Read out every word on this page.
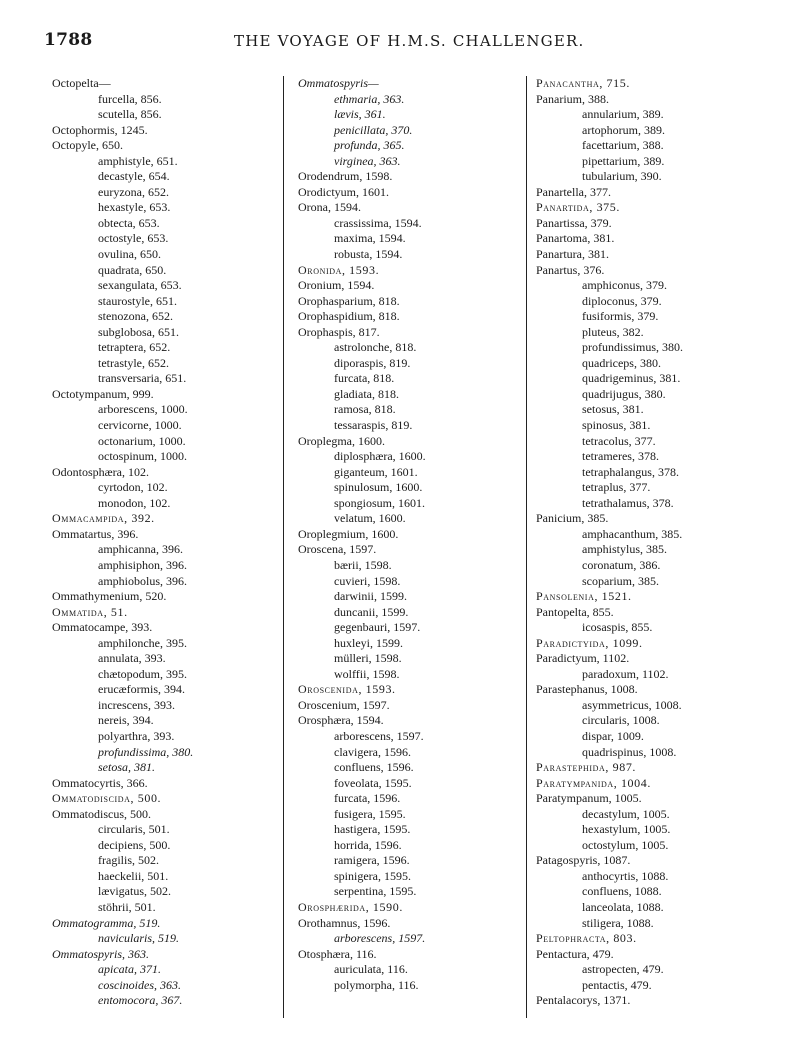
1788	THE VOYAGE OF H.M.S. CHALLENGER.
Octopelta—
furcella, 856.
scutella, 856.
Octophormis, 1245.
Octopyle, 650.
amphistyle, 651.
decastyle, 654.
euryzona, 652.
hexastyle, 653.
obtecta, 653.
octostyle, 653.
ovulina, 650.
quadrata, 650.
sexangulata, 653.
staurostyle, 651.
stenozona, 652.
subglobosa, 651.
tetraptera, 652.
tetrastyle, 652.
transversaria, 651.
Octotympanum, 999.
arborescens, 1000.
cervicorne, 1000.
octonarium, 1000.
octospinum, 1000.
Odontosphæra, 102.
cyrtodon, 102.
monodon, 102.
Ommacampida, 392.
Ommatartus, 396.
amphicanna, 396.
amphisiphon, 396.
amphiobolus, 396.
Ommathymenium, 520.
Ommatida, 51.
Ommatocampe, 393.
amphilonche, 395.
annulata, 393.
chætopodum, 395.
erucæformis, 394.
increscens, 393.
nereis, 394.
polyarthra, 393.
profundissima, 380.
setosa, 381.
Ommatocyrtis, 366.
Ommatodiscida, 500.
Ommatodiscus, 500.
circularis, 501.
decipiens, 500.
fragilis, 502.
haeckelii, 501.
lævigatus, 502.
stöhrii, 501.
Ommatogramma, 519.
navicularis, 519.
Ommatospyris, 363.
apicata, 371.
coscinoides, 363.
entomocora, 367.
Ommatospyris—
ethmaria, 363.
lævis, 361.
penicillata, 370.
profunda, 365.
virginea, 363.
Orodendrum, 1598.
Orodictyum, 1601.
Orona, 1594.
crassissima, 1594.
maxima, 1594.
robusta, 1594.
Oronida, 1593.
Oronium, 1594.
Orophasparium, 818.
Orophaspidium, 818.
Orophaspis, 817.
astrolonche, 818.
diporaspis, 819.
furcata, 818.
gladiata, 818.
ramosa, 818.
tessaraspis, 819.
Oroplegma, 1600.
diplosphæra, 1600.
giganteum, 1601.
spinulosum, 1600.
spongiosum, 1601.
velatum, 1600.
Oroplegmium, 1600.
Oroscena, 1597.
bærii, 1598.
cuvieri, 1598.
darwinii, 1599.
duncanii, 1599.
gegenbauri, 1597.
huxleyi, 1599.
mülleri, 1598.
wolffii, 1598.
Oroscenida, 1593.
Oroscenium, 1597.
Orosphæra, 1594.
arborescens, 1597.
clavigera, 1596.
confluens, 1596.
foveolata, 1595.
furcata, 1596.
fusigera, 1595.
hastigera, 1595.
horrida, 1596.
ramigera, 1596.
spinigera, 1595.
serpentina, 1595.
Orosphærida, 1590.
Orothamnus, 1596.
arborescens, 1597.
Otosphæra, 116.
auriculata, 116.
polymorpha, 116.
Panacantha, 715.
Panarium, 388.
annularium, 389.
artophorum, 389.
facettarium, 388.
pipettarium, 389.
tubularium, 390.
Panartella, 377.
Panartida, 375.
Panartissa, 379.
Panartoma, 381.
Panartura, 381.
Panartus, 376.
amphiconus, 379.
diploconus, 379.
fusiformis, 379.
pluteus, 382.
profundissimus, 380.
quadriceps, 380.
quadrigeminus, 381.
quadrijugus, 380.
setosus, 381.
spinosus, 381.
tetracolus, 377.
tetrameres, 378.
tetraphalangus, 378.
tetraplus, 377.
tetrathalamus, 378.
Panicium, 385.
amphacanthum, 385.
amphistylus, 385.
coronatum, 386.
scoparium, 385.
Pansolenia, 1521.
Pantopelta, 855.
icosaspis, 855.
Paradictyida, 1099.
Paradictyum, 1102.
paradoxum, 1102.
Parastephanus, 1008.
asymmetricus, 1008.
circularis, 1008.
dispar, 1009.
quadrispinus, 1008.
Parastephida, 987.
Paratympanida, 1004.
Paratympanum, 1005.
decastylum, 1005.
hexastylum, 1005.
octostylum, 1005.
Patagospyris, 1087.
anthocyrtis, 1088.
confluens, 1088.
lanceolata, 1088.
stiligera, 1088.
Peltophracta, 803.
Pentactura, 479.
astropecten, 479.
pentactis, 479.
Pentalacorys, 1371.
